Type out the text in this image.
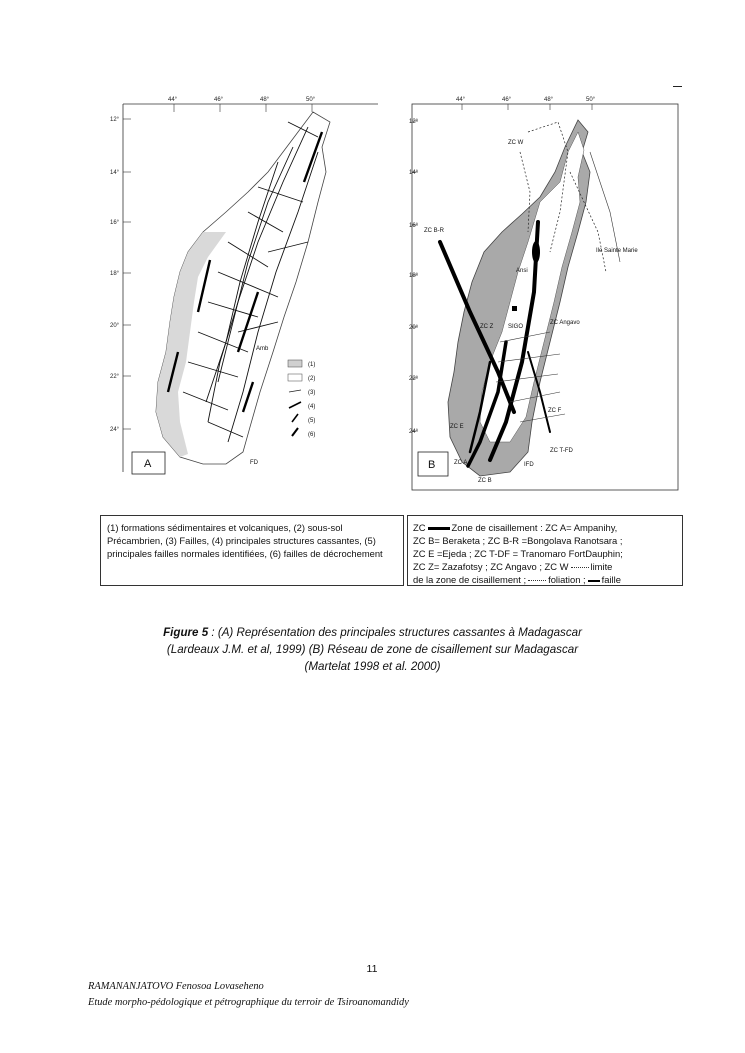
44°	46°	48°	50°
12°
14°
16°
18°
20°
22°
24°
Amb
FD
(1)
(2)
(3)
(4)
(5)
(6)
A
44°	46°	48°	50°
12°
14°
16°
18°
20°
22°
24°
ZC W
ZC B-R
Ile Sainte Marie
Ansi
ZC Z SIGO
ZC Angavo
ZC E
ZC F
ZC A
ZC T-FD
IFD
ZC B
B
(1) formations sédimentaires et volcaniques, (2) sous-sol Précambrien, (3) Failles, (4) principales structures cassantes, (5) principales failles normales identifiées, (6) failles de décrochement
ZC	Zone de cisaillement : ZC A= Ampanihy,
ZC B= Beraketa ; ZC B-R =Bongolava Ranotsara ;
ZC E =Ejeda ; ZC T-DF = Tranomaro FortDauphin;
ZC Z= Zazafotsy ; ZC Angavo ; ZC W limite
de la zone de cisaillement ; foliation ; faille
Figure 5 : (A) Représentation des principales structures cassantes à Madagascar (Lardeaux J.M. et al, 1999) (B) Réseau de zone de cisaillement sur Madagascar (Martelat 1998 et al. 2000)
11
RAMANANJATOVO Fenosoa Lovaseheno
Etude morpho-pédologique et pétrographique du terroir de Tsiroanomandidy
